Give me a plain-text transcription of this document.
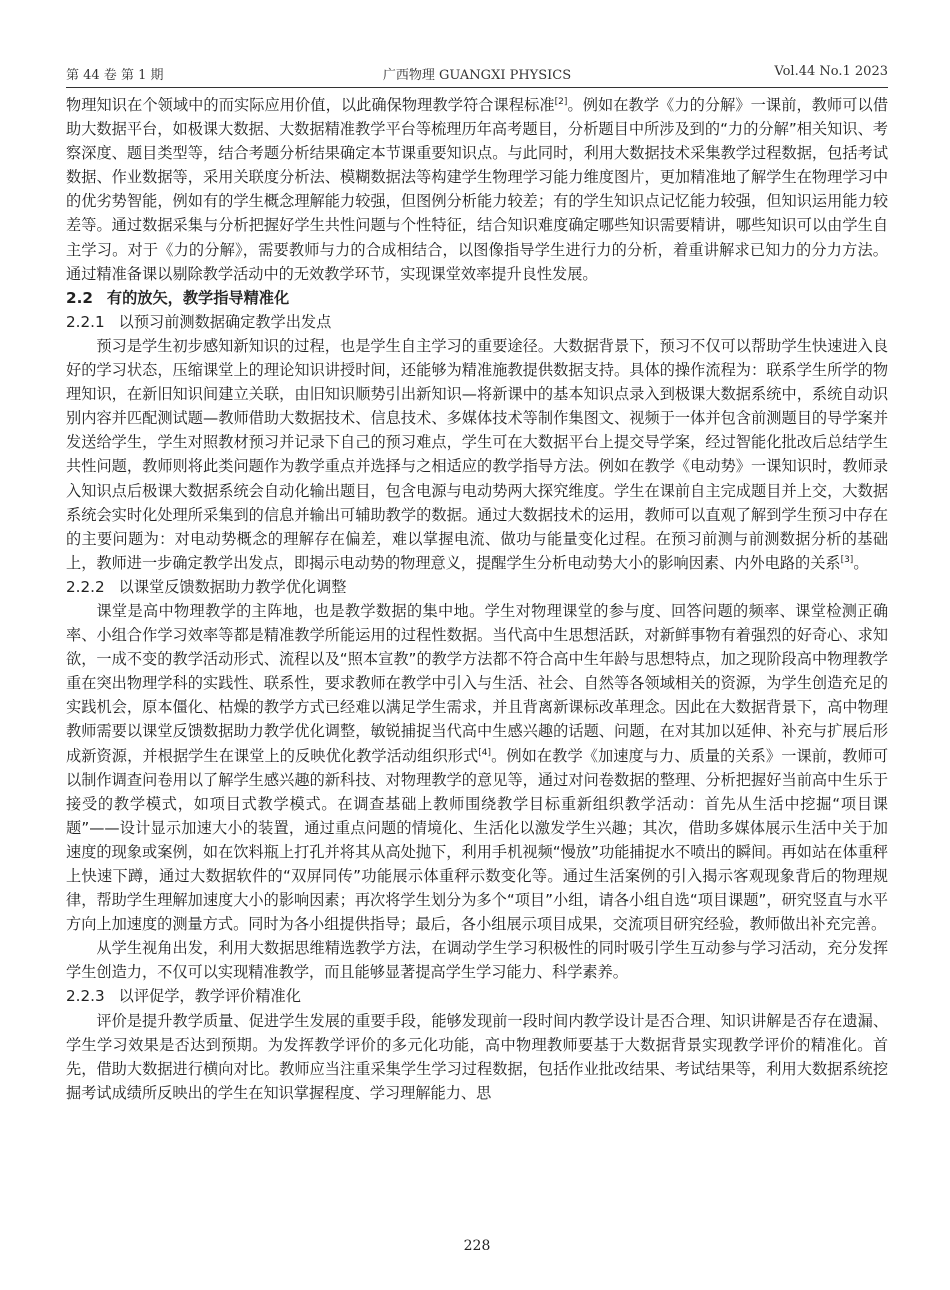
第 44 卷 第 1 期	广西物理 GUANGXI PHYSICS	Vol.44 No.1 2023

物理知识在个领域中的而实际应用价值，以此确保物理教学符合课程标准[2]。例如在教学《力的分解》一课前，教师可以借助大数据平台，如极课大数据、大数据精准教学平台等梳理历年高考题目，分析题目中所涉及到的“力的分解”相关知识、考察深度、题目类型等，结合考题分析结果确定本节课重要知识点。与此同时，利用大数据技术采集教学过程数据，包括考试数据、作业数据等，采用关联度分析法、模糊数据法等构建学生物理学习能力维度图片，更加精准地了解学生在物理学习中的优劣势智能，例如有的学生概念理解能力较强，但图例分析能力较差；有的学生知识点记忆能力较强，但知识运用能力较差等。通过数据采集与分析把握好学生共性问题与个性特征，结合知识难度确定哪些知识需要精讲，哪些知识可以由学生自主学习。对于《力的分解》，需要教师与力的合成相结合，以图像指导学生进行力的分析，着重讲解求已知力的分力方法。通过精准备课以剔除教学活动中的无效教学环节，实现课堂效率提升良性发展。

2.2 有的放矢，教学指导精准化

2.2.1 以预习前测数据确定教学出发点

预习是学生初步感知新知识的过程，也是学生自主学习的重要途径。大数据背景下，预习不仅可以帮助学生快速进入良好的学习状态，压缩课堂上的理论知识讲授时间，还能够为精准施教提供数据支持。具体的操作流程为：联系学生所学的物理知识，在新旧知识间建立关联，由旧知识顺势引出新知识—将新课中的基本知识点录入到极课大数据系统中，系统自动识别内容并匹配测试题—教师借助大数据技术、信息技术、多媒体技术等制作集图文、视频于一体并包含前测题目的导学案并发送给学生，学生对照教材预习并记录下自己的预习难点，学生可在大数据平台上提交导学案，经过智能化批改后总结学生共性问题，教师则将此类问题作为教学重点并选择与之相适应的教学指导方法。例如在教学《电动势》一课知识时，教师录入知识点后极课大数据系统会自动化输出题目，包含电源与电动势两大探究维度。学生在课前自主完成题目并上交，大数据系统会实时化处理所采集到的信息并输出可辅助教学的数据。通过大数据技术的运用，教师可以直观了解到学生预习中存在的主要问题为：对电动势概念的理解存在偏差，难以掌握电流、做功与能量变化过程。在预习前测与前测数据分析的基础上，教师进一步确定教学出发点，即揭示电动势的物理意义，提醒学生分析电动势大小的影响因素、内外电路的关系[3]。

2.2.2 以课堂反馈数据助力教学优化调整

课堂是高中物理教学的主阵地，也是教学数据的集中地。学生对物理课堂的参与度、回答问题的频率、课堂检测正确率、小组合作学习效率等都是精准教学所能运用的过程性数据。当代高中生思想活跃，对新鲜事物有着强烈的好奇心、求知欲，一成不变的教学活动形式、流程以及“照本宣教”的教学方法都不符合高中生年龄与思想特点，加之现阶段高中物理教学重在突出物理学科的实践性、联系性，要求教师在教学中引入与生活、社会、自然等各领域相关的资源，为学生创造充足的实践机会，原本僵化、枯燥的教学方式已经难以满足学生需求，并且背离新课标改革理念。因此在大数据背景下，高中物理教师需要以课堂反馈数据助力教学优化调整，敏锐捕捉当代高中生感兴趣的话题、问题，在对其加以延伸、补充与扩展后形成新资源，并根据学生在课堂上的反映优化教学活动组织形式[4]。例如在教学《加速度与力、质量的关系》一课前，教师可以制作调查问卷用以了解学生感兴趣的新科技、对物理教学的意见等，通过对问卷数据的整理、分析把握好当前高中生乐于接受的教学模式，如项目式教学模式。在调查基础上教师围绕教学目标重新组织教学活动：首先从生活中挖掘“项目课题”——设计显示加速大小的装置，通过重点问题的情境化、生活化以激发学生兴趣；其次，借助多媒体展示生活中关于加速度的现象或案例，如在饮料瓶上打孔并将其从高处抛下，利用手机视频“慢放”功能捕捉水不喷出的瞬间。再如站在体重秤上快速下蹲，通过大数据软件的“双屏同传”功能展示体重秤示数变化等。通过生活案例的引入揭示客观现象背后的物理规律，帮助学生理解加速度大小的影响因素；再次将学生划分为多个“项目”小组，请各小组自选“项目课题”，研究竖直与水平方向上加速度的测量方式。同时为各小组提供指导；最后，各小组展示项目成果，交流项目研究经验，教师做出补充完善。

从学生视角出发，利用大数据思维精选教学方法，在调动学生学习积极性的同时吸引学生互动参与学习活动，充分发挥学生创造力，不仅可以实现精准教学，而且能够显著提高学生学习能力、科学素养。

2.2.3 以评促学，教学评价精准化

评价是提升教学质量、促进学生发展的重要手段，能够发现前一段时间内教学设计是否合理、知识讲解是否存在遗漏、学生学习效果是否达到预期。为发挥教学评价的多元化功能，高中物理教师要基于大数据背景实现教学评价的精准化。首先，借助大数据进行横向对比。教师应当注重采集学生学习过程数据，包括作业批改结果、考试结果等，利用大数据系统挖掘考试成绩所反映出的学生在知识掌握程度、学习理解能力、思

228
